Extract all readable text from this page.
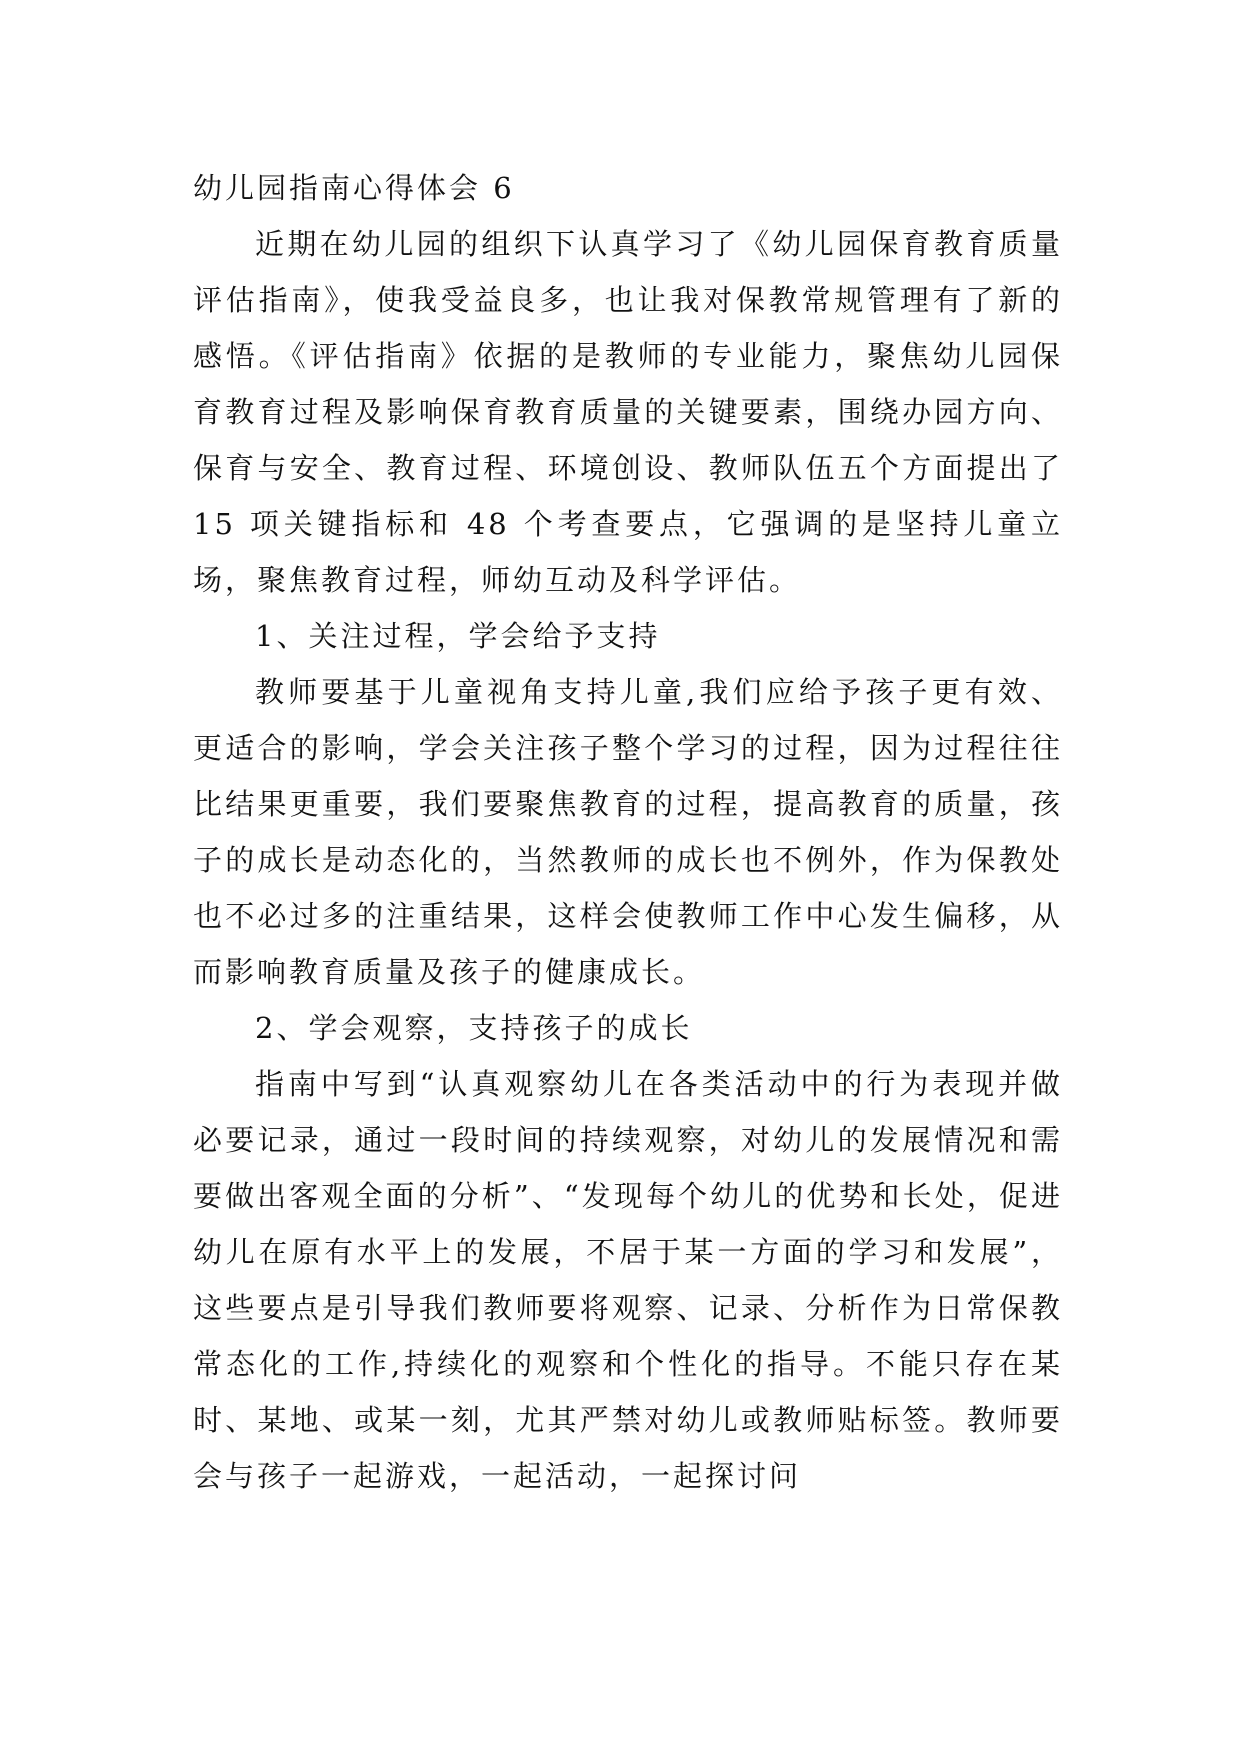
幼儿园指南心得体会 6

近期在幼儿园的组织下认真学习了《幼儿园保育教育质量评估指南》，使我受益良多，也让我对保教常规管理有了新的感悟。《评估指南》依据的是教师的专业能力，聚焦幼儿园保育教育过程及影响保育教育质量的关键要素，围绕办园方向、保育与安全、教育过程、环境创设、教师队伍五个方面提出了 15 项关键指标和 48 个考查要点，它强调的是坚持儿童立场，聚焦教育过程，师幼互动及科学评估。

1、关注过程，学会给予支持

教师要基于儿童视角支持儿童,我们应给予孩子更有效、更适合的影响，学会关注孩子整个学习的过程，因为过程往往比结果更重要，我们要聚焦教育的过程，提高教育的质量，孩子的成长是动态化的，当然教师的成长也不例外，作为保教处也不必过多的注重结果，这样会使教师工作中心发生偏移，从而影响教育质量及孩子的健康成长。

2、学会观察，支持孩子的成长

指南中写到“认真观察幼儿在各类活动中的行为表现并做必要记录，通过一段时间的持续观察，对幼儿的发展情况和需要做出客观全面的分析”、“发现每个幼儿的优势和长处，促进幼儿在原有水平上的发展，不居于某一方面的学习和发展”，这些要点是引导我们教师要将观察、记录、分析作为日常保教常态化的工作,持续化的观察和个性化的指导。不能只存在某时、某地、或某一刻，尤其严禁对幼儿或教师贴标签。教师要会与孩子一起游戏，一起活动，一起探讨问
